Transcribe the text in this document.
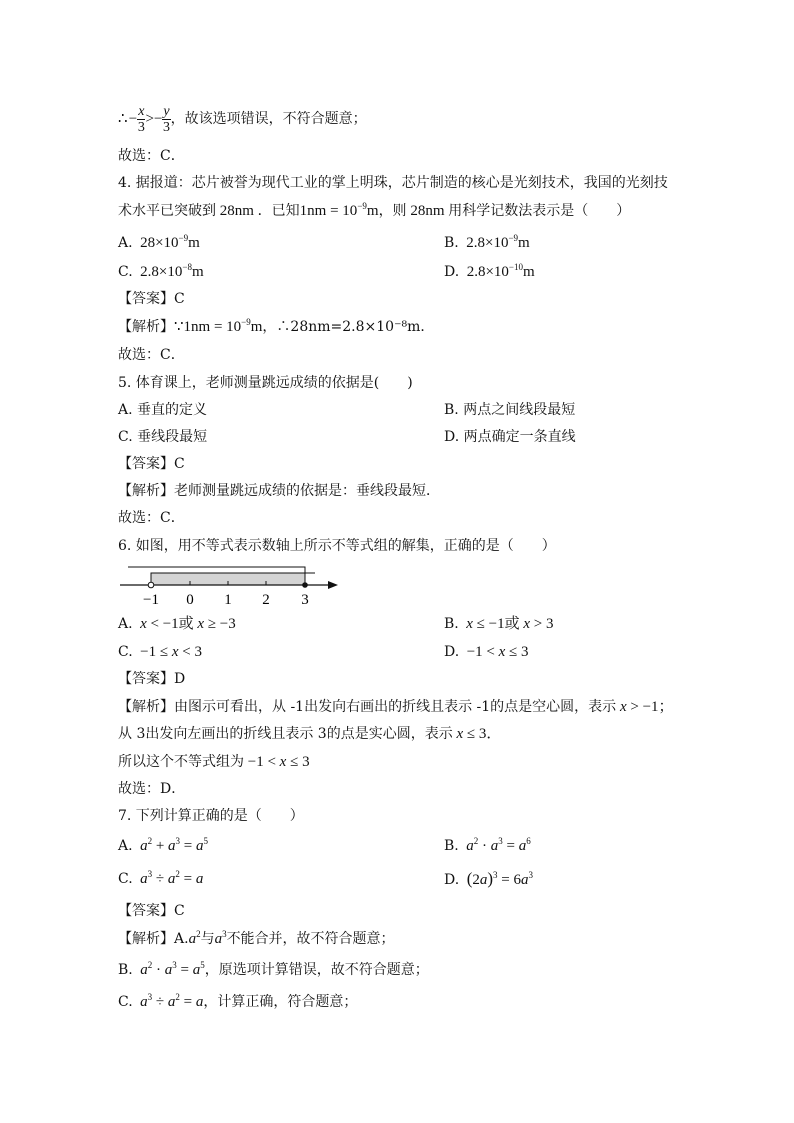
∴ − $\frac{x}{3} >- \frac{y}{3}$ ，故该选项错误，不符合题意；
故选：C．
4. 据报道：芯片被誉为现代工业的掌上明珠，芯片制造的核心是光刻技术，我国的光刻技
术水平已突破到 28nm ．已知$1nm = 10^{-9}m$，则 28nm 用科学记数法表示是（　　）
A.  $28\times 10^{-9}m$	B.  $2.8\times 10^{-9}m$
C.  $2.8\times 10^{-8}m$	D.  $2.8\times 10^{-10}m$
【答案】C
【解析】∵1nm = $10^{-9}m$，∴28nm=2.8×10⁻⁸m．
故选：C．
5. 体育课上，老师测量跳远成绩的依据是(　　)
A. 垂直的定义	B. 两点之间线段最短
C. 垂线段最短	D. 两点确定一条直线
【答案】C
【解析】老师测量跳远成绩的依据是：垂线段最短．
故选：C．
6. 如图，用不等式表示数轴上所示不等式组的解集，正确的是（　　）
−1 0 1 2 3
A. x < −1或 x ≥ −3	B. x ≤ −1或 x > 3
C.  −1 ≤ x < 3	D.  −1 < x ≤ 3
【答案】D
【解析】由图示可看出，从 -1出发向右画出的折线且表示 -1的点是空心圆，表示 x > −1；
从 3出发向左画出的折线且表示 3的点是实心圆，表示 x ≤ 3．
所以这个不等式组为 −1 < x ≤ 3
故选：D．
7. 下列计算正确的是（　　）
A. $a^2 + a^3 = a^5$	B. $a^2 \cdot a^3 = a^6$
C. $a^3 \div a^2 = a$	D. $(2a)^3 = 6a^3$
【答案】C
【解析】$A.a^2$与$a^3$不能合并，故不符合题意；
B. $a^2 \cdot a^3 = a^5$，原选项计算错误，故不符合题意；
C. $a^3 \div a^2 = a$，计算正确，符合题意；
